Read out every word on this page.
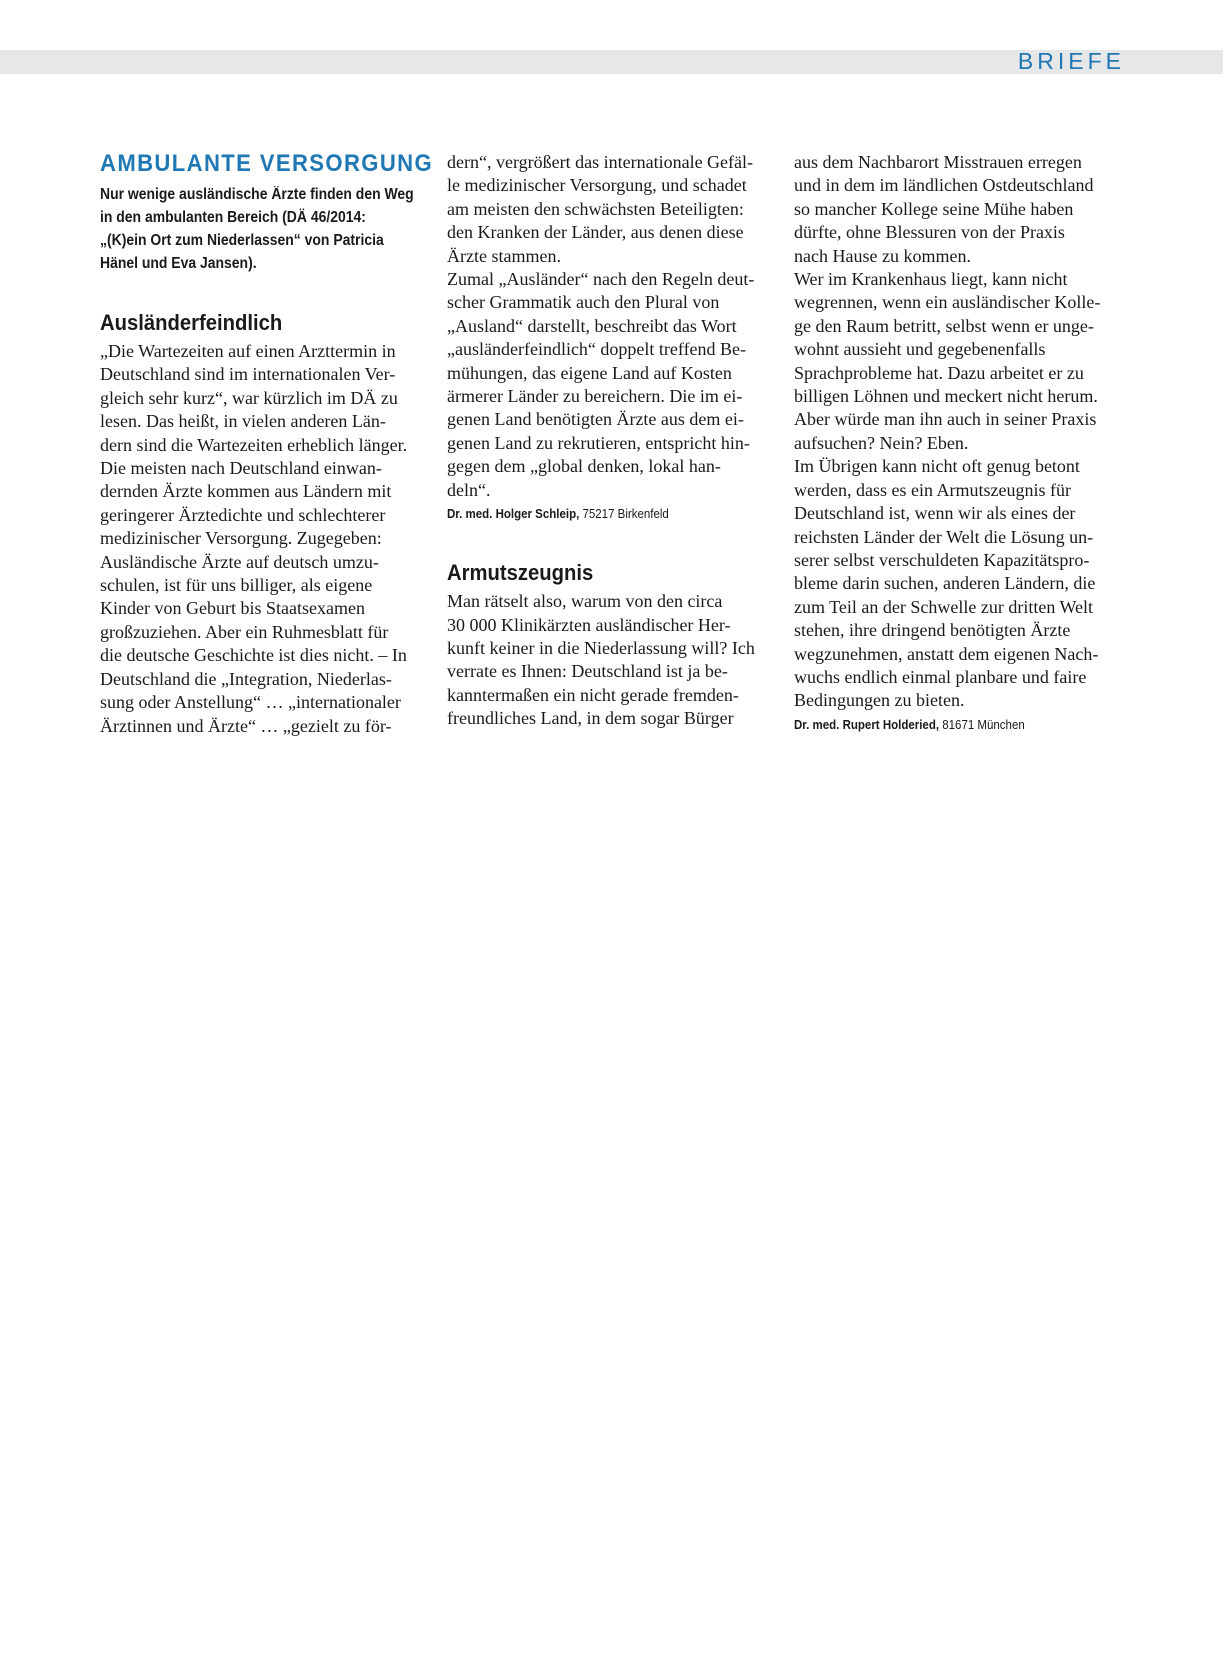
BRIEFE
AMBULANTE VERSORGUNG
Nur wenige ausländische Ärzte finden den Weg
in den ambulanten Bereich (DÄ 46/2014:
„(K)ein Ort zum Niederlassen“ von Patricia
Hänel und Eva Jansen).
Ausländerfeindlich
„Die Wartezeiten auf einen Arzttermin in
Deutschland sind im internationalen Ver-
gleich sehr kurz“, war kürzlich im DÄ zu
lesen. Das heißt, in vielen anderen Län-
dern sind die Wartezeiten erheblich länger.
Die meisten nach Deutschland einwan-
dernden Ärzte kommen aus Ländern mit
geringerer Ärztedichte und schlechterer
medizinischer Versorgung. Zugegeben:
Ausländische Ärzte auf deutsch umzu-
schulen, ist für uns billiger, als eigene
Kinder von Geburt bis Staatsexamen
großzuziehen. Aber ein Ruhmesblatt für
die deutsche Geschichte ist dies nicht. – In
Deutschland die „Integration, Niederlas-
sung oder Anstellung“ … „internationaler
Ärztinnen und Ärzte“ … „gezielt zu för-
dern“, vergrößert das internationale Gefäl-
le medizinischer Versorgung, und schadet
am meisten den schwächsten Beteiligten:
den Kranken der Länder, aus denen diese
Ärzte stammen.
Zumal „Ausländer“ nach den Regeln deut-
scher Grammatik auch den Plural von
„Ausland“ darstellt, beschreibt das Wort
„ausländerfeindlich“ doppelt treffend Be-
mühungen, das eigene Land auf Kosten
ärmerer Länder zu bereichern. Die im ei-
genen Land benötigten Ärzte aus dem ei-
genen Land zu rekrutieren, entspricht hin-
gegen dem „global denken, lokal han-
deln“.
Dr. med. Holger Schleip, 75217 Birkenfeld
Armutszeugnis
Man rätselt also, warum von den circa
30 000 Klinikärzten ausländischer Her-
kunft keiner in die Niederlassung will? Ich
verrate es Ihnen: Deutschland ist ja be-
kanntermaßen ein nicht gerade fremden-
freundliches Land, in dem sogar Bürger
aus dem Nachbarort Misstrauen erregen
und in dem im ländlichen Ostdeutschland
so mancher Kollege seine Mühe haben
dürfte, ohne Blessuren von der Praxis
nach Hause zu kommen.
Wer im Krankenhaus liegt, kann nicht
wegrennen, wenn ein ausländischer Kolle-
ge den Raum betritt, selbst wenn er unge-
wohnt aussieht und gegebenenfalls
Sprachprobleme hat. Dazu arbeitet er zu
billigen Löhnen und meckert nicht herum.
Aber würde man ihn auch in seiner Praxis
aufsuchen? Nein? Eben.
Im Übrigen kann nicht oft genug betont
werden, dass es ein Armutszeugnis für
Deutschland ist, wenn wir als eines der
reichsten Länder der Welt die Lösung un-
serer selbst verschuldeten Kapazitätspro-
bleme darin suchen, anderen Ländern, die
zum Teil an der Schwelle zur dritten Welt
stehen, ihre dringend benötigten Ärzte
wegzunehmen, anstatt dem eigenen Nach-
wuchs endlich einmal planbare und faire
Bedingungen zu bieten.
Dr. med. Rupert Holderied, 81671 München
